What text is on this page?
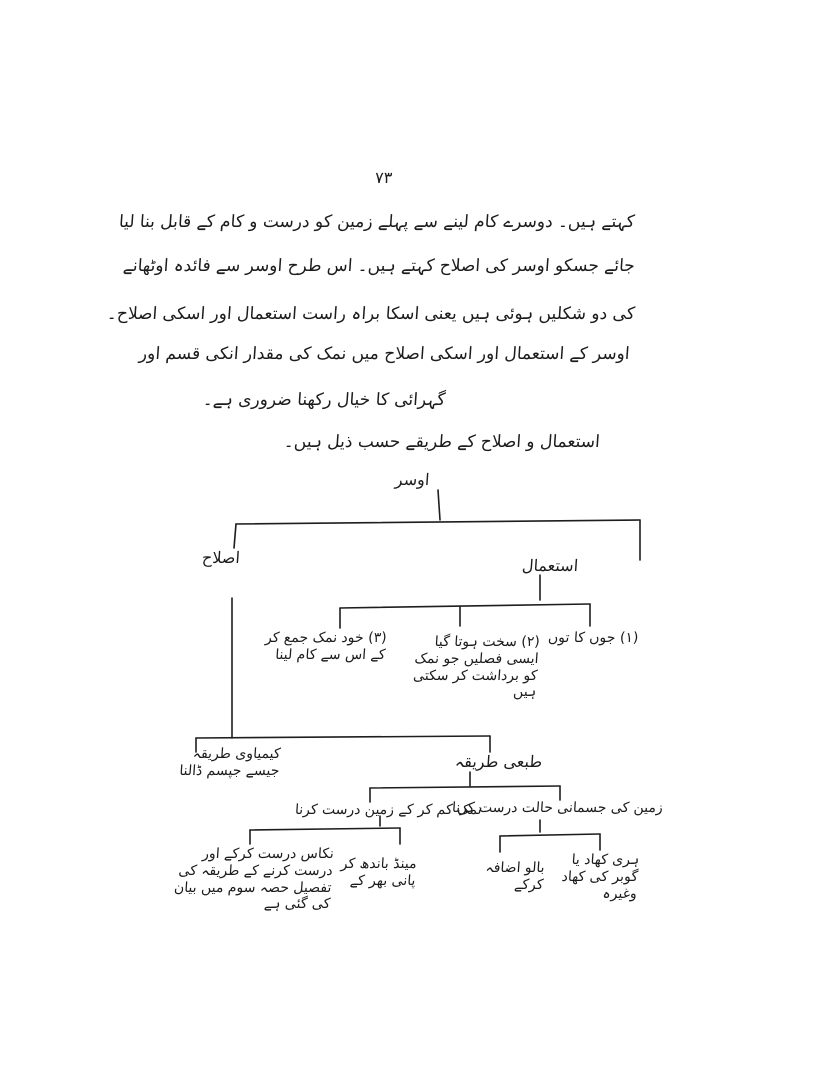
۷۳
کہتے ہیں۔ دوسرے کام لینے سے پہلے زمین کو درست و کام کے قابل بنا لیا
جائے جسکو اوسر کی اصلاح کہتے ہیں۔ اس طرح اوسر سے فائدہ اوٹھانے
کی دو شکلیں ہوئی ہیں یعنی اسکا براہ راست استعمال اور اسکی اصلاح۔
اوسر کے استعمال اور اسکی اصلاح میں نمک کی مقدار انکی قسم اور
گہرائی کا خیال رکھنا ضروری ہے۔
استعمال و اصلاح کے طریقے حسب ذیل ہیں۔
اوسر
استعمال
اصلاح
(۱) جوں کا توں
(۲) سخت ہوتا گیا ایسی فصلیں جو نمک کو برداشت کر سکتی ہیں
(۳) خود نمک جمع کر کے اس سے کام لینا
کیمیاوی طریقہ جیسے جپسم ڈالنا	طبعی طریقہ
زمین کی جسمانی حالت درست کرنا
نمک کم کر کے زمین درست کرنا
ہری کھاد یا گوبر کی کھاد وغیرہ
بالو اضافہ کرکے
مینڈ باندھ کر پانی بھر کے
نکاس درست کرکے اور درست کرنے کے طریقہ کی تفصیل حصہ سوم میں بیان کی گئی ہے
